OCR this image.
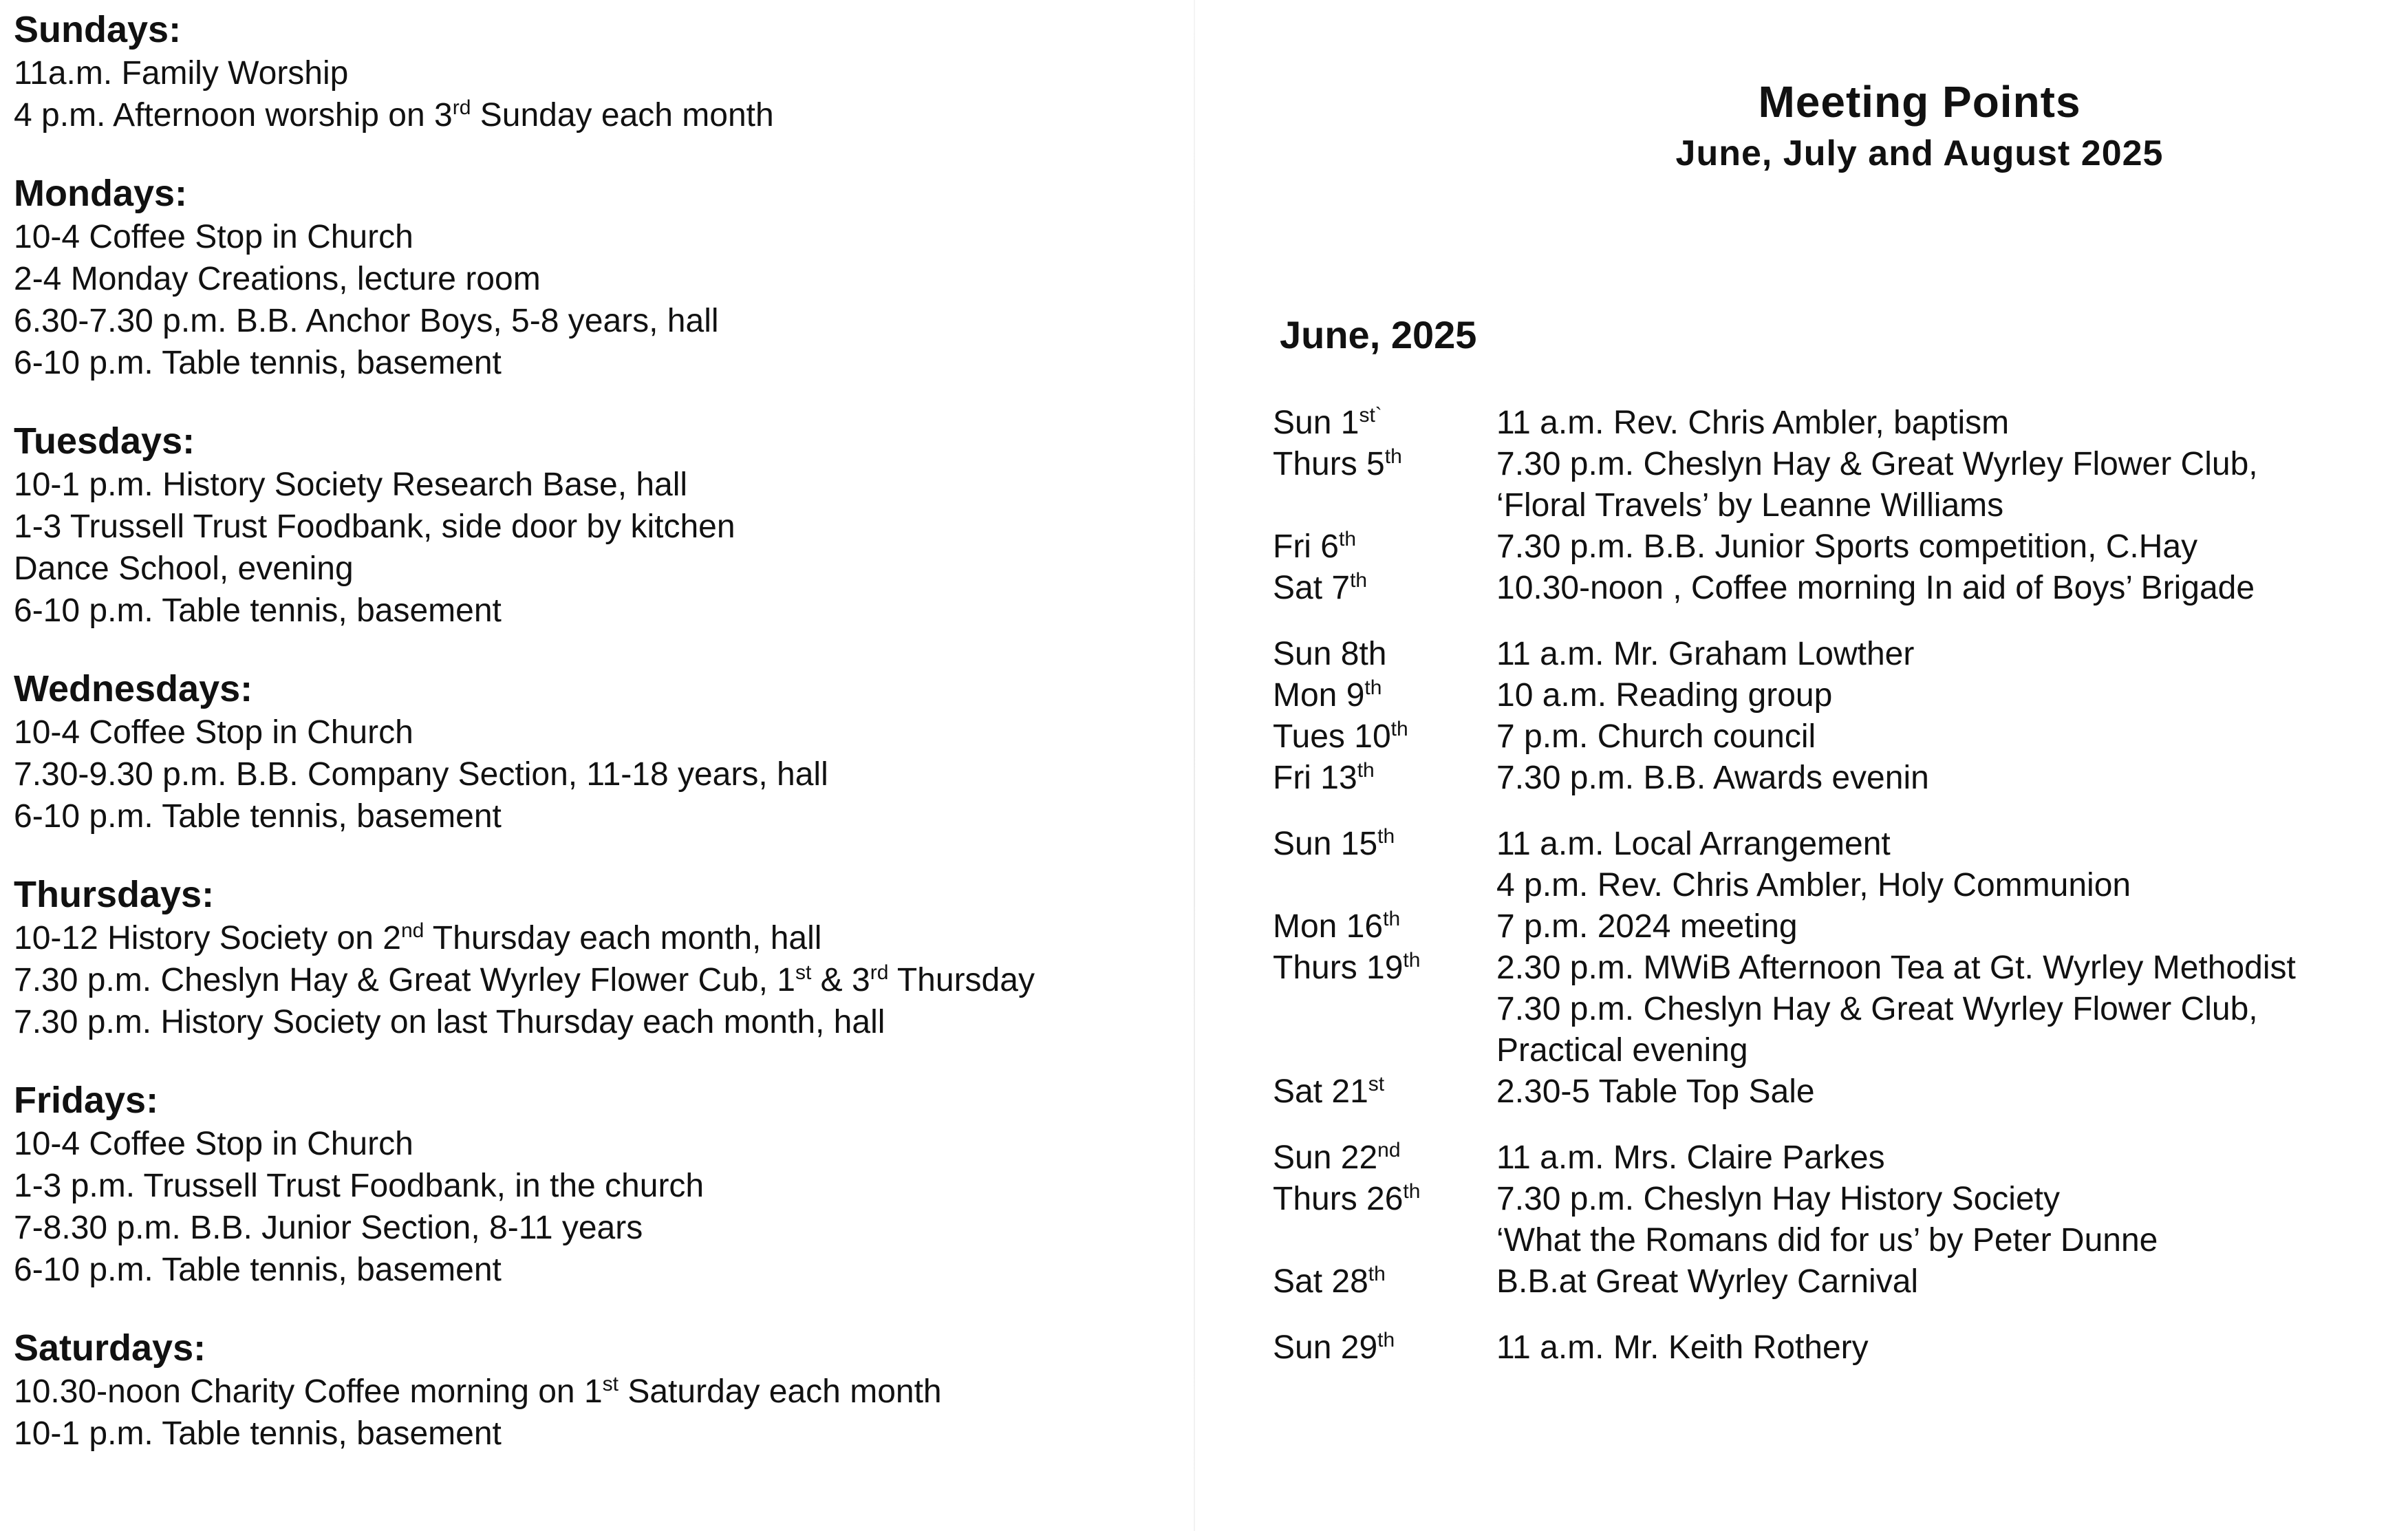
Sundays:
11a.m. Family Worship
4 p.m. Afternoon worship on 3rd Sunday each month
Mondays:
10-4 Coffee Stop in Church
2-4 Monday Creations, lecture room
6.30-7.30 p.m. B.B. Anchor Boys, 5-8 years, hall
6-10 p.m. Table tennis, basement
Tuesdays:
10-1 p.m. History Society Research Base, hall
1-3 Trussell Trust Foodbank, side door by kitchen
Dance School, evening
6-10 p.m. Table tennis, basement
Wednesdays:
10-4 Coffee Stop in Church
7.30-9.30 p.m. B.B. Company Section, 11-18 years, hall
6-10 p.m. Table tennis, basement
Thursdays:
10-12 History Society on 2nd Thursday each month, hall
7.30 p.m. Cheslyn Hay & Great Wyrley Flower Cub, 1st & 3rd Thursday
7.30 p.m. History Society on last Thursday each month, hall
Fridays:
10-4 Coffee Stop in Church
1-3 p.m. Trussell Trust Foodbank, in the church
7-8.30 p.m. B.B. Junior Section, 8-11 years
6-10 p.m. Table tennis, basement
Saturdays:
10.30-noon Charity Coffee morning on 1st Saturday each month
10-1 p.m. Table tennis, basement
Meeting Points
June, July and August 2025
June, 2025
Sun $1^{st`}$	11 a.m. Rev. Chris Ambler, baptism
Thurs 5th	7.30 p.m. Cheslyn Hay & Great Wyrley Flower Club,
‘Floral Travels’ by Leanne Williams
Fri 6th	7.30 p.m. B.B. Junior Sports competition, C.Hay
Sat 7th	10.30-noon , Coffee morning In aid of Boys’ Brigade
Sun 8th	11 a.m. Mr. Graham Lowther
Mon 9th	10 a.m. Reading group
Tues 10th	7 p.m. Church council
Fri 13th	7.30 p.m. B.B. Awards evenin
Sun 15th	11 a.m. Local Arrangement
4 p.m. Rev. Chris Ambler, Holy Communion
Mon 16th	7 p.m. 2024 meeting
Thurs 19th	2.30 p.m. MWiB Afternoon Tea at Gt. Wyrley Methodist
7.30 p.m. Cheslyn Hay & Great Wyrley Flower Club,
Practical evening
Sat 21st	2.30-5 Table Top Sale
Sun 22nd	11 a.m. Mrs. Claire Parkes
Thurs 26th	7.30 p.m. Cheslyn Hay History Society
‘What the Romans did for us’ by Peter Dunne
Sat 28th	B.B.at Great Wyrley Carnival
Sun 29th	11 a.m. Mr. Keith Rothery
